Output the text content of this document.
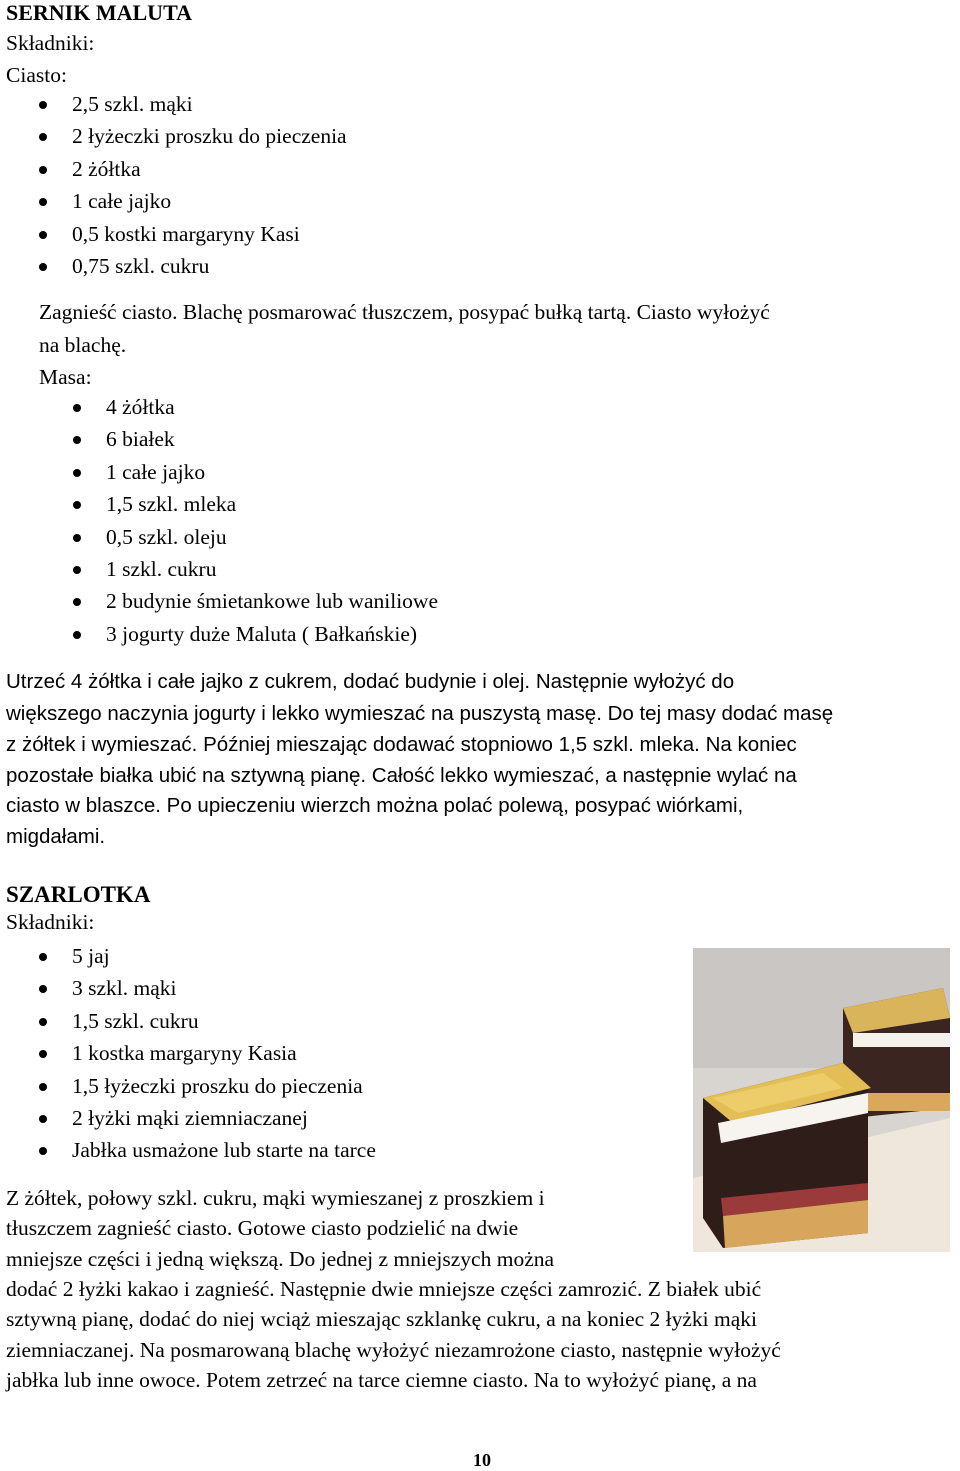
SERNIK MALUTA
Składniki:
Ciasto:
2,5 szkl. mąki
2 łyżeczki proszku do pieczenia
2 żółtka
1 całe jajko
0,5 kostki margaryny Kasi
0,75 szkl. cukru
Zagnieść ciasto. Blachę posmarować tłuszczem, posypać bułką tartą. Ciasto wyłożyć
na blachę.
Masa:
4 żółtka
6 białek
1 całe jajko
1,5 szkl. mleka
0,5 szkl. oleju
1 szkl. cukru
2 budynie śmietankowe lub waniliowe
3 jogurty duże Maluta ( Bałkańskie)
Utrzeć 4 żółtka i całe jajko z cukrem, dodać budynie i olej. Następnie wyłożyć do
większego naczynia jogurty i lekko wymieszać na puszystą masę. Do tej masy dodać masę
z żółtek i wymieszać. Później mieszając dodawać stopniowo 1,5 szkl. mleka. Na koniec
pozostałe białka ubić na sztywną pianę. Całość lekko wymieszać, a następnie wylać na
ciasto w blaszce. Po upieczeniu wierzch można polać polewą, posypać wiórkami,
migdałami.
SZARLOTKA
Składniki:
5 jaj
3 szkl. mąki
1,5 szkl. cukru
1 kostka margaryny Kasia
1,5 łyżeczki proszku do pieczenia
2 łyżki mąki ziemniaczanej
Jabłka usmażone lub starte na tarce
Z żółtek, połowy szkl. cukru, mąki wymieszanej z proszkiem i
tłuszczem zagnieść ciasto. Gotowe ciasto podzielić na dwie
mniejsze części i jedną większą. Do jednej z mniejszych można
dodać 2 łyżki kakao i zagnieść. Następnie dwie mniejsze części zamrozić. Z białek ubić
sztywną pianę, dodać do niej wciąż mieszając szklankę cukru, a na koniec 2 łyżki mąki
ziemniaczanej. Na posmarowaną blachę wyłożyć niezamrożone ciasto, następnie wyłożyć
jabłka lub inne owoce. Potem zetrzeć na tarce ciemne ciasto. Na to wyłożyć pianę, a na
10
